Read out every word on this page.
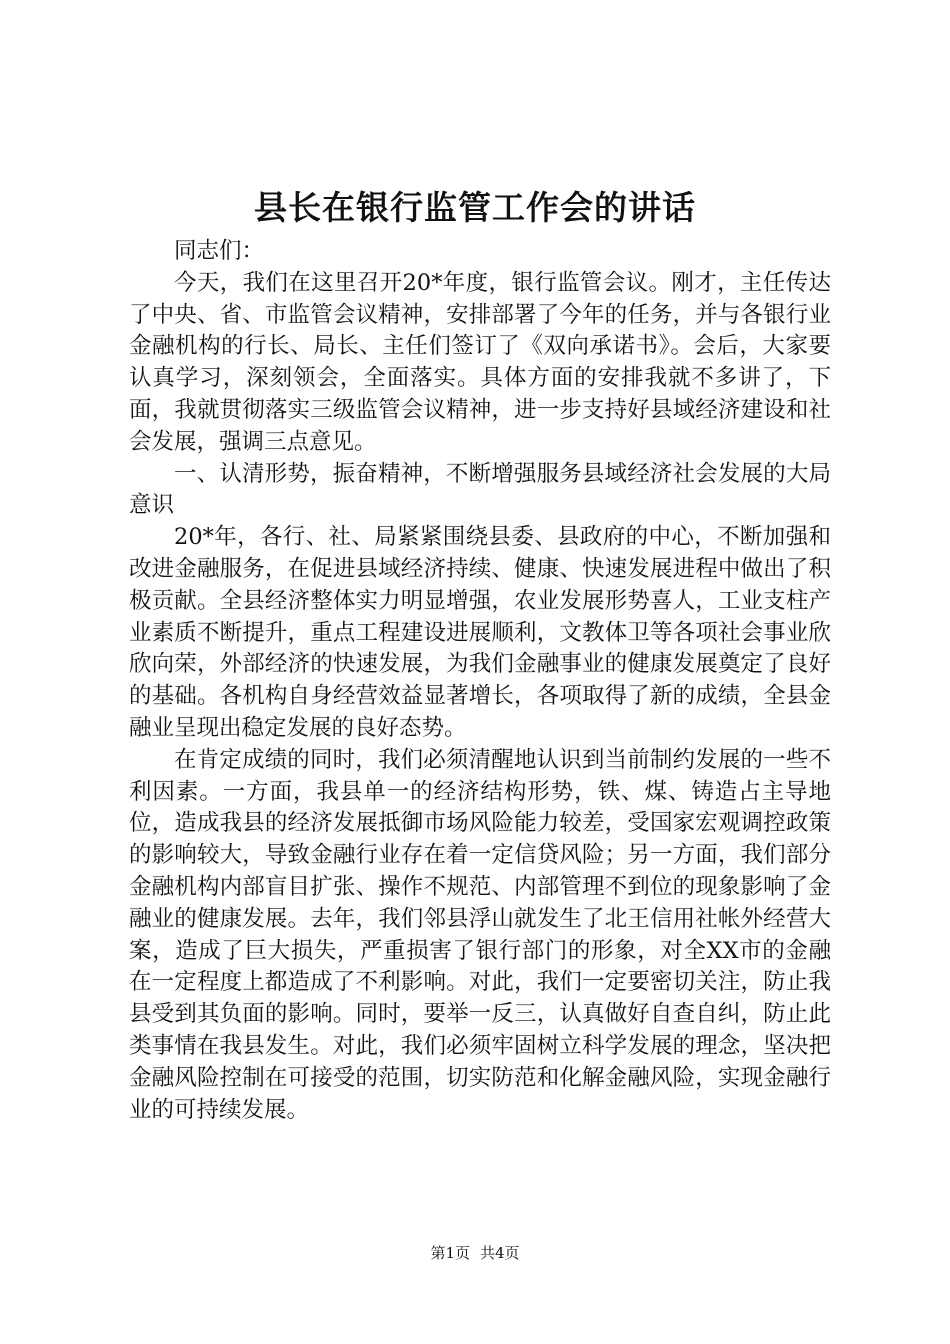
县长在银行监管工作会的讲话

同志们：

今天，我们在这里召开20*年度，银行监管会议。刚才，主任传达了中央、省、市监管会议精神，安排部署了今年的任务，并与各银行业金融机构的行长、局长、主任们签订了《双向承诺书》。会后，大家要认真学习，深刻领会，全面落实。具体方面的安排我就不多讲了，下面，我就贯彻落实三级监管会议精神，进一步支持好县域经济建设和社会发展，强调三点意见。

一、认清形势，振奋精神，不断增强服务县域经济社会发展的大局意识

20*年，各行、社、局紧紧围绕县委、县政府的中心，不断加强和改进金融服务，在促进县域经济持续、健康、快速发展进程中做出了积极贡献。全县经济整体实力明显增强，农业发展形势喜人，工业支柱产业素质不断提升，重点工程建设进展顺利，文教体卫等各项社会事业欣欣向荣，外部经济的快速发展，为我们金融事业的健康发展奠定了良好的基础。各机构自身经营效益显著增长，各项取得了新的成绩，全县金融业呈现出稳定发展的良好态势。

在肯定成绩的同时，我们必须清醒地认识到当前制约发展的一些不利因素。一方面，我县单一的经济结构形势，铁、煤、铸造占主导地位，造成我县的经济发展抵御市场风险能力较差，受国家宏观调控政策的影响较大，导致金融行业存在着一定信贷风险；另一方面，我们部分金融机构内部盲目扩张、操作不规范、内部管理不到位的现象影响了金融业的健康发展。去年，我们邻县浮山就发生了北王信用社帐外经营大案，造成了巨大损失，严重损害了银行部门的形象，对全XX市的金融在一定程度上都造成了不利影响。对此，我们一定要密切关注，防止我县受到其负面的影响。同时，要举一反三，认真做好自查自纠，防止此类事情在我县发生。对此，我们必须牢固树立科学发展的理念，坚决把金融风险控制在可接受的范围，切实防范和化解金融风险，实现金融行业的可持续发展。

第1页 共4页
